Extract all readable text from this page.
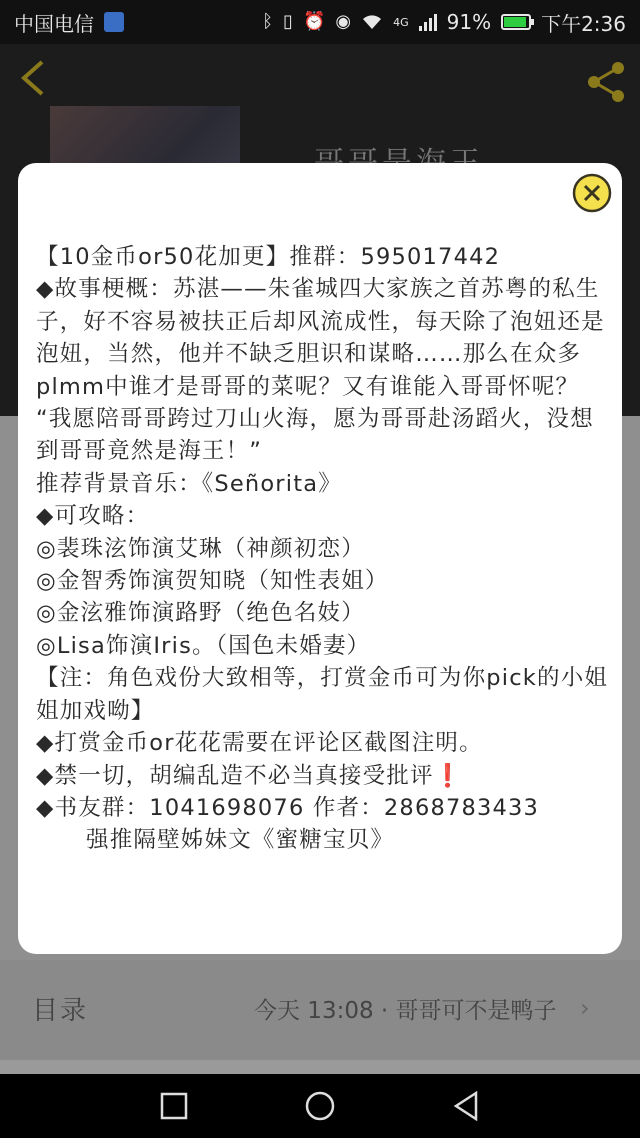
中国电信	ᛒ ▯ ⏰ ◉	4G 91%	下午2:36
目录	今天 13:08 · 哥哥可不是鸭子 ›

【10金币or50花加更】推群：595017442

◆故事梗概：苏湛——朱雀城四大家族之首苏粤的私生子，好不容易被扶正后却风流成性，每天除了泡妞还是泡妞，当然，他并不缺乏胆识和谋略……那么在众多plmm中谁才是哥哥的菜呢？又有谁能入哥哥怀呢？

“我愿陪哥哥跨过刀山火海，愿为哥哥赴汤蹈火，没想到哥哥竟然是海王！”

推荐背景音乐：《Señorita》

◆可攻略：

◎裴珠泫饰演艾琳（神颜初恋）

◎金智秀饰演贺知晓（知性表姐）

◎金泫雅饰演路野（绝色名妓）

◎Lisa饰演Iris。（国色未婚妻）

【注：角色戏份大致相等，打赏金币可为你pick的小姐姐加戏呦】

◆打赏金币or花花需要在评论区截图注明。

◆禁一切，胡编乱造不必当真接受批评❗

◆书友群：1041698076 作者：2868783433

强推隔壁姊妹文《蜜糖宝贝》
